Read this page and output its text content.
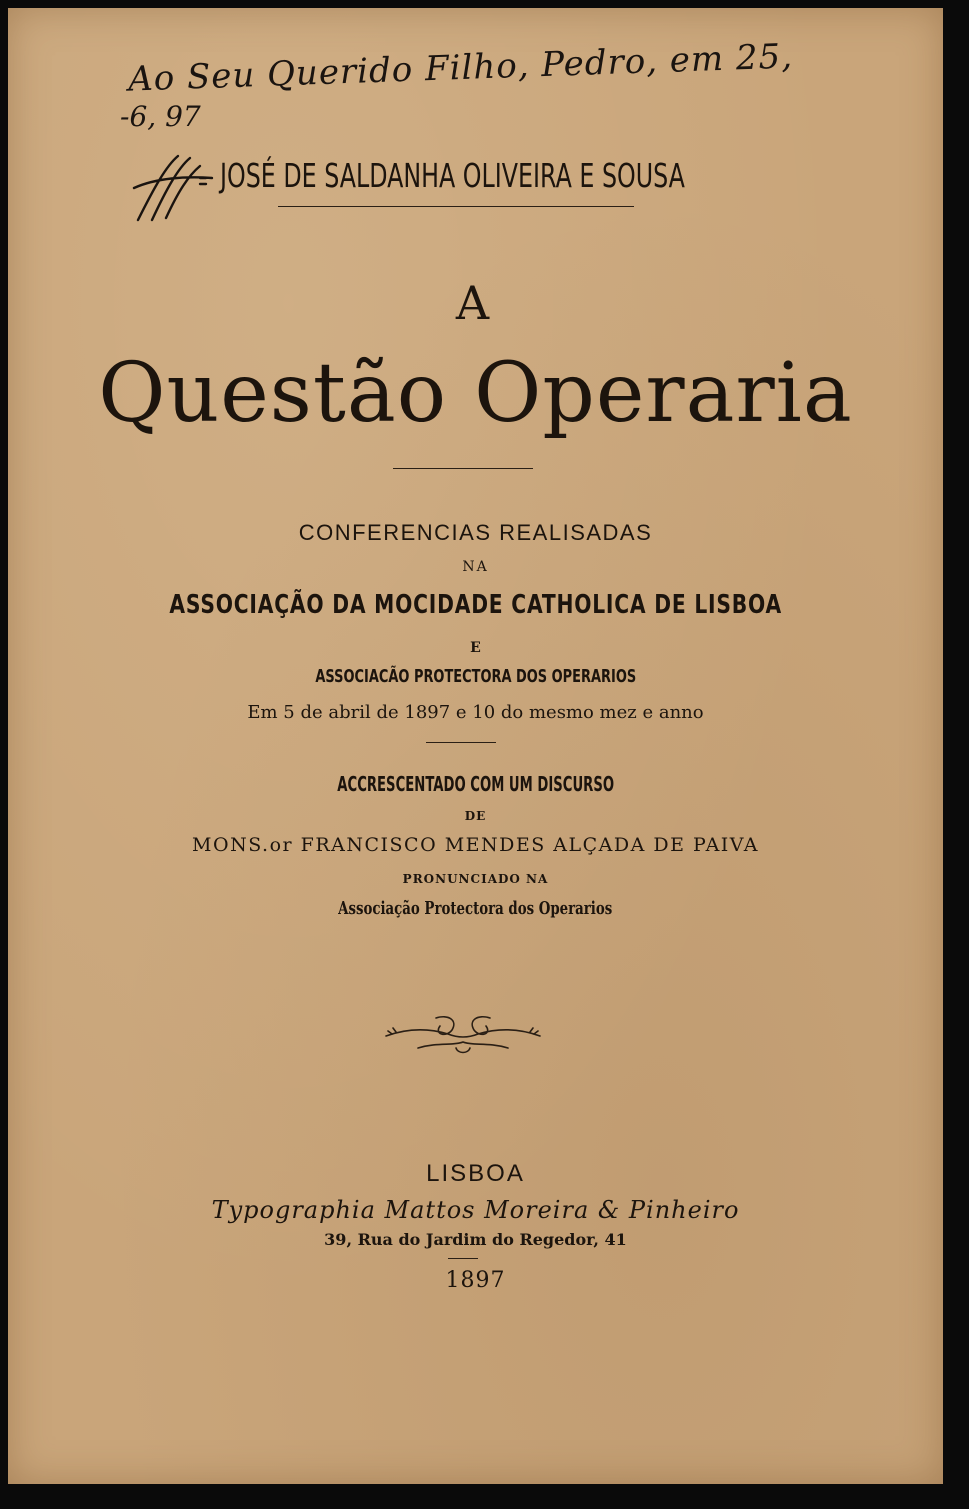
Ao Seu Querido Filho, Pedro, em 25,
-6, 97
JOSÉ DE SALDANHA OLIVEIRA E SOUSA
A
Questão Operaria
CONFERENCIAS REALISADAS
NA
ASSOCIAÇÃO DA MOCIDADE CATHOLICA DE LISBOA
E
ASSOCIACÃO PROTECTORA DOS OPERARIOS
Em 5 de abril de 1897 e 10 do mesmo mez e anno
ACCRESCENTADO COM UM DISCURSO
DE
MONS.or FRANCISCO MENDES ALÇADA DE PAIVA
PRONUNCIADO NA
Associação Protectora dos Operarios
LISBOA
Typographia Mattos Moreira & Pinheiro
39, Rua do Jardim do Regedor, 41
1897
